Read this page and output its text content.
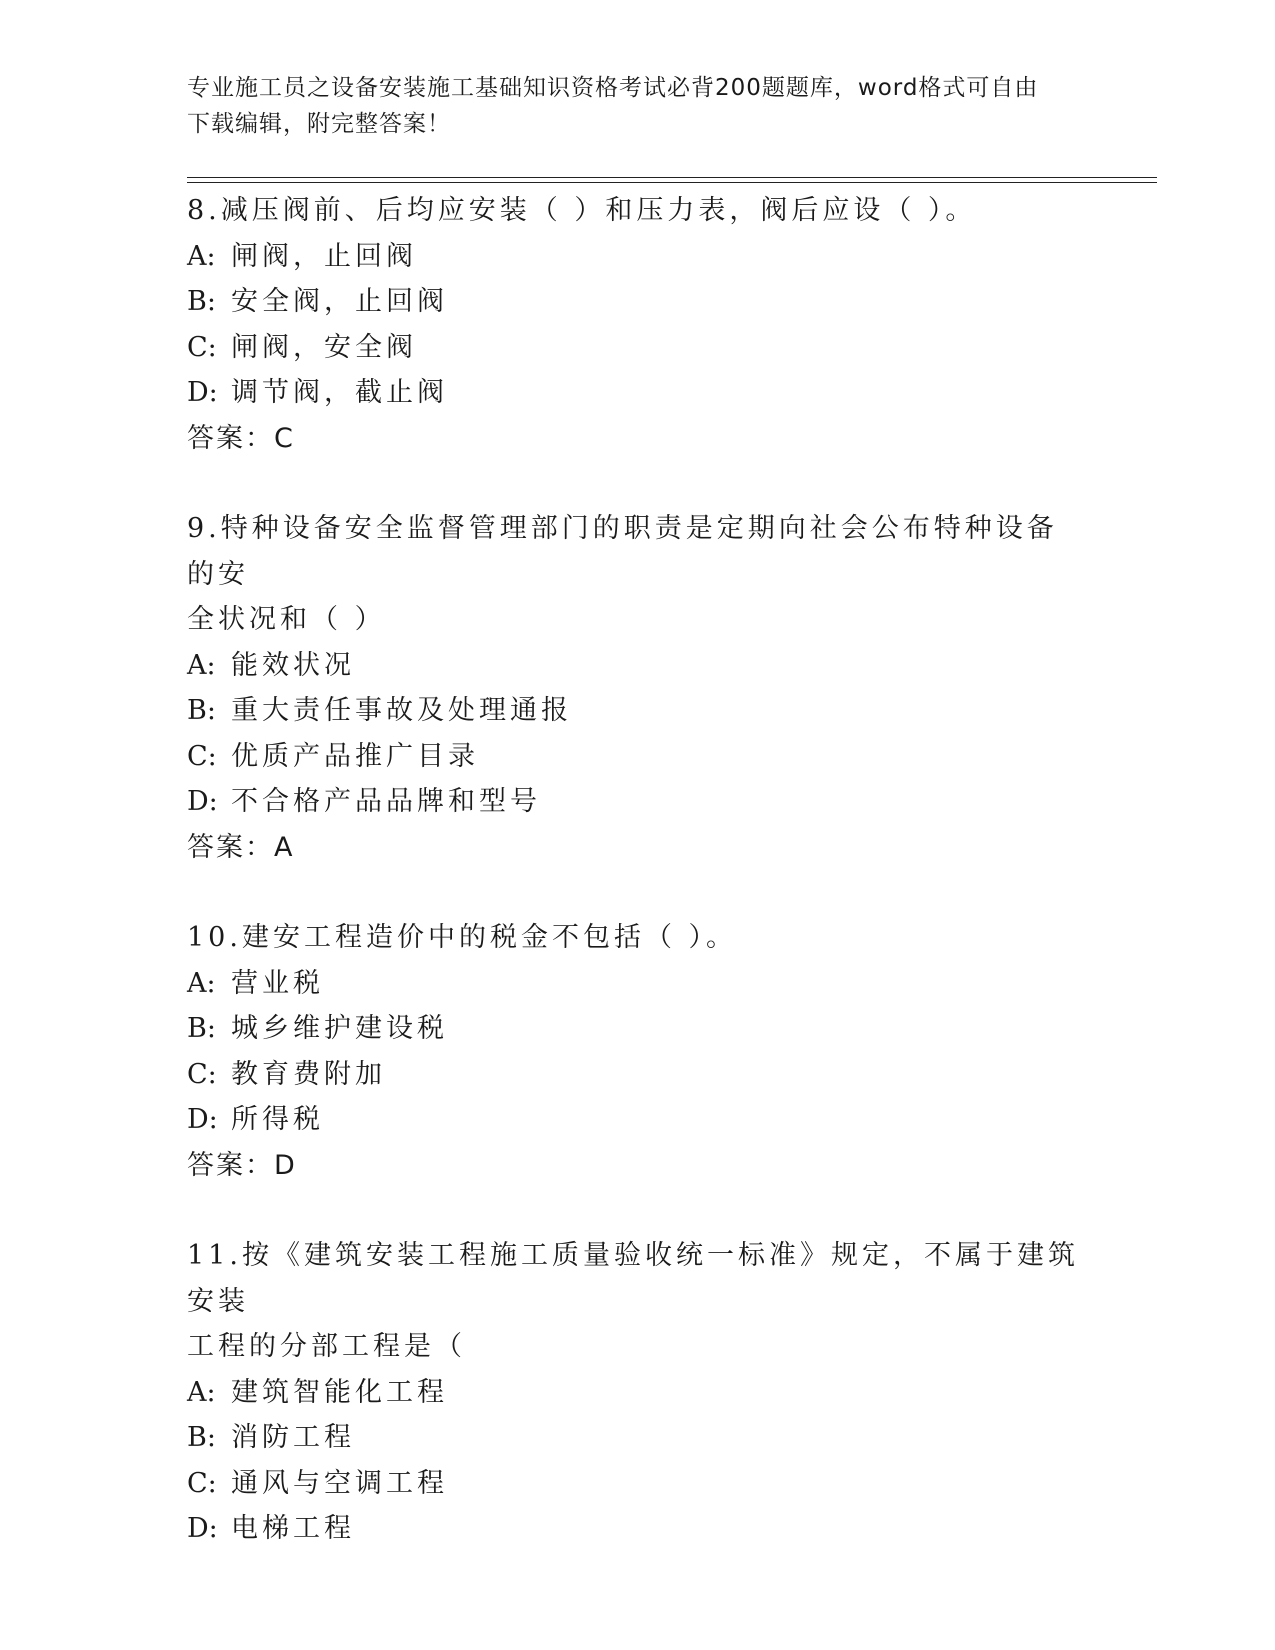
专业施工员之设备安装施工基础知识资格考试必背200题题库，word格式可自由
下载编辑，附完整答案！
8.减压阀前、后均应安装（ ）和压力表，阀后应设（ ）。
A: 闸阀，止回阀
B: 安全阀，止回阀
C: 闸阀，安全阀
D: 调节阀，截止阀
答案：C
9.特种设备安全监督管理部门的职责是定期向社会公布特种设备的安
全状况和（ ）
A: 能效状况
B: 重大责任事故及处理通报
C: 优质产品推广目录
D: 不合格产品品牌和型号
答案：A
10.建安工程造价中的税金不包括（ ）。
A: 营业税
B: 城乡维护建设税
C: 教育费附加
D: 所得税
答案：D
11.按《建筑安装工程施工质量验收统一标准》规定，不属于建筑安装
工程的分部工程是（
A: 建筑智能化工程
B: 消防工程
C: 通风与空调工程
D: 电梯工程
